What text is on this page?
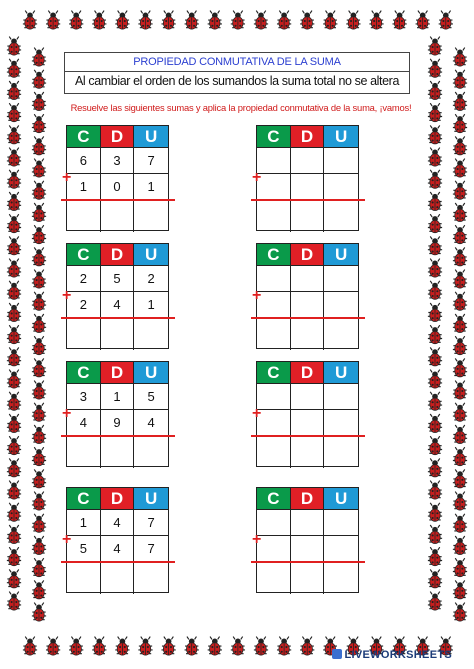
PROPIEDAD CONMUTATIVA DE LA SUMA
Al cambiar el orden de los sumandos la suma total no se altera
Resuelve las siguientes sumas y aplica la propiedad conmutativa de la suma, ¡vamos!
C	D	U
6	3	7
1	0	1
+
C	D	U
+
C	D	U
2	5	2
2	4	1
+
C	D	U
+
C	D	U
3	1	5
4	9	4
+
C	D	U
+
C	D	U
1	4	7
5	4	7
+
C	D	U
+
LIVEWORKSHEETS
